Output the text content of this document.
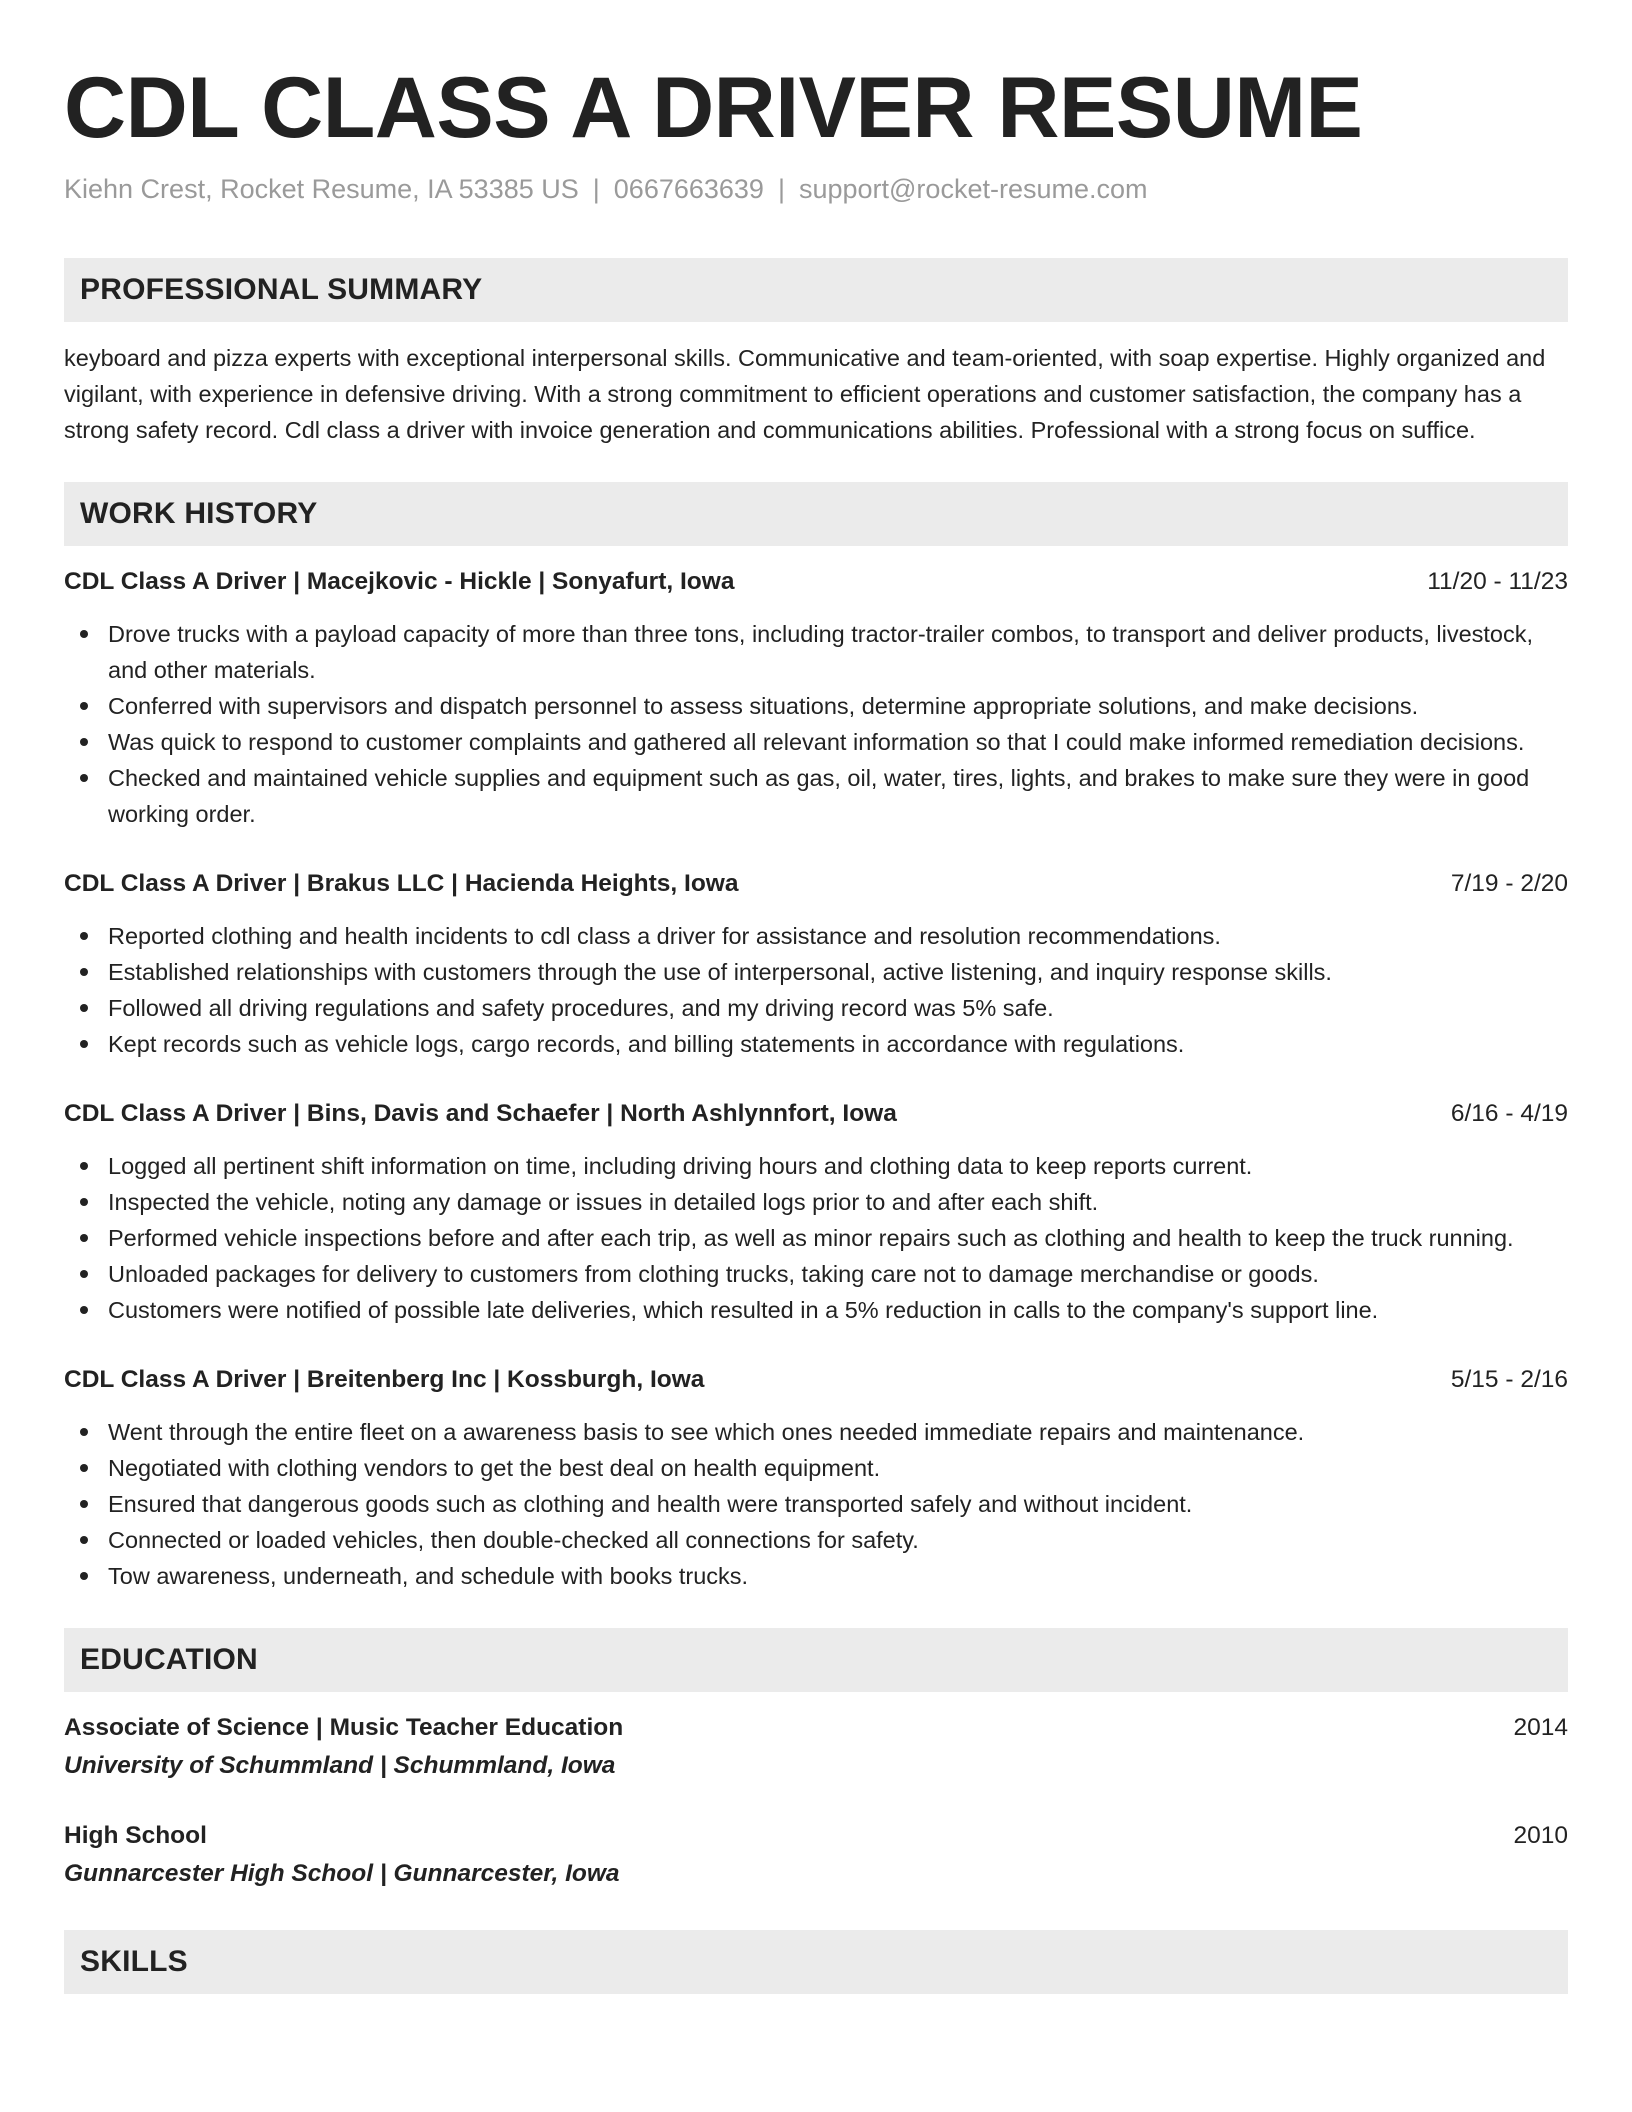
CDL CLASS A DRIVER RESUME
Kiehn Crest, Rocket Resume, IA 53385 US | 0667663639 | support@rocket-resume.com
PROFESSIONAL SUMMARY

keyboard and pizza experts with exceptional interpersonal skills. Communicative and team-oriented, with soap expertise. Highly organized and vigilant, with experience in defensive driving. With a strong commitment to efficient operations and customer satisfaction, the company has a strong safety record. Cdl class a driver with invoice generation and communications abilities. Professional with a strong focus on suffice.

WORK HISTORY
CDL Class A Driver | Macejkovic - Hickle | Sonyafurt, Iowa	11/20 - 11/23
Drove trucks with a payload capacity of more than three tons, including tractor-trailer combos, to transport and deliver products, livestock, and other materials.
Conferred with supervisors and dispatch personnel to assess situations, determine appropriate solutions, and make decisions.
Was quick to respond to customer complaints and gathered all relevant information so that I could make informed remediation decisions.
Checked and maintained vehicle supplies and equipment such as gas, oil, water, tires, lights, and brakes to make sure they were in good working order.
CDL Class A Driver | Brakus LLC | Hacienda Heights, Iowa	7/19 - 2/20
Reported clothing and health incidents to cdl class a driver for assistance and resolution recommendations.
Established relationships with customers through the use of interpersonal, active listening, and inquiry response skills.
Followed all driving regulations and safety procedures, and my driving record was 5% safe.
Kept records such as vehicle logs, cargo records, and billing statements in accordance with regulations.
CDL Class A Driver | Bins, Davis and Schaefer | North Ashlynnfort, Iowa	6/16 - 4/19
Logged all pertinent shift information on time, including driving hours and clothing data to keep reports current.
Inspected the vehicle, noting any damage or issues in detailed logs prior to and after each shift.
Performed vehicle inspections before and after each trip, as well as minor repairs such as clothing and health to keep the truck running.
Unloaded packages for delivery to customers from clothing trucks, taking care not to damage merchandise or goods.
Customers were notified of possible late deliveries, which resulted in a 5% reduction in calls to the company's support line.
CDL Class A Driver | Breitenberg Inc | Kossburgh, Iowa	5/15 - 2/16
Went through the entire fleet on a awareness basis to see which ones needed immediate repairs and maintenance.
Negotiated with clothing vendors to get the best deal on health equipment.
Ensured that dangerous goods such as clothing and health were transported safely and without incident.
Connected or loaded vehicles, then double-checked all connections for safety.
Tow awareness, underneath, and schedule with books trucks.
EDUCATION
Associate of Science | Music Teacher Education	2014
University of Schummland | Schummland, Iowa
High School	2010
Gunnarcester High School | Gunnarcester, Iowa
SKILLS
